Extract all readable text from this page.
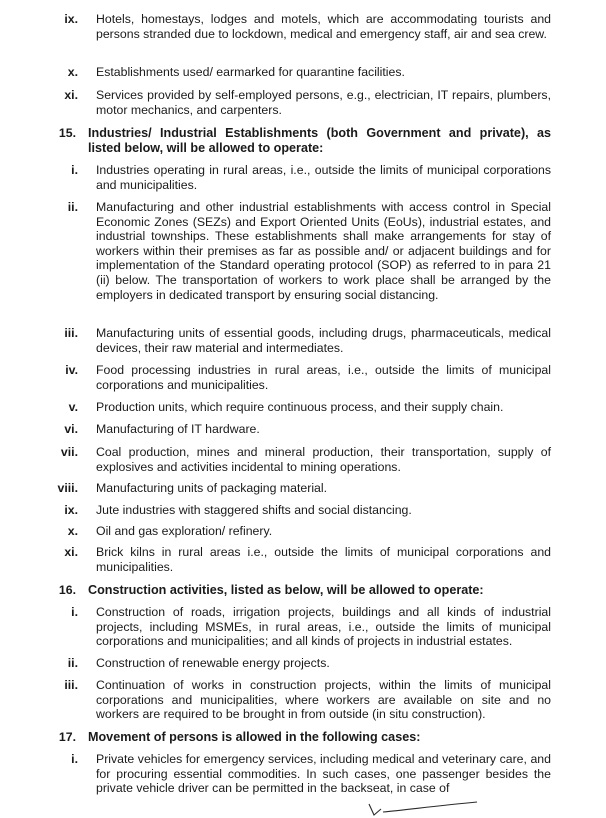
ix. Hotels, homestays, lodges and motels, which are accommodating tourists and persons stranded due to lockdown, medical and emergency staff, air and sea crew.
x. Establishments used/ earmarked for quarantine facilities.
xi. Services provided by self-employed persons, e.g., electrician, IT repairs, plumbers, motor mechanics, and carpenters.
15. Industries/ Industrial Establishments (both Government and private), as listed below, will be allowed to operate:
i. Industries operating in rural areas, i.e., outside the limits of municipal corporations and municipalities.
ii. Manufacturing and other industrial establishments with access control in Special Economic Zones (SEZs) and Export Oriented Units (EoUs), industrial estates, and industrial townships. These establishments shall make arrangements for stay of workers within their premises as far as possible and/ or adjacent buildings and for implementation of the Standard operating protocol (SOP) as referred to in para 21 (ii) below. The transportation of workers to work place shall be arranged by the employers in dedicated transport by ensuring social distancing.
iii. Manufacturing units of essential goods, including drugs, pharmaceuticals, medical devices, their raw material and intermediates.
iv. Food processing industries in rural areas, i.e., outside the limits of municipal corporations and municipalities.
v. Production units, which require continuous process, and their supply chain.
vi. Manufacturing of IT hardware.
vii. Coal production, mines and mineral production, their transportation, supply of explosives and activities incidental to mining operations.
viii. Manufacturing units of packaging material.
ix. Jute industries with staggered shifts and social distancing.
x. Oil and gas exploration/ refinery.
xi. Brick kilns in rural areas i.e., outside the limits of municipal corporations and municipalities.
16. Construction activities, listed as below, will be allowed to operate:
i. Construction of roads, irrigation projects, buildings and all kinds of industrial projects, including MSMEs, in rural areas, i.e., outside the limits of municipal corporations and municipalities; and all kinds of projects in industrial estates.
ii. Construction of renewable energy projects.
iii. Continuation of works in construction projects, within the limits of municipal corporations and municipalities, where workers are available on site and no workers are required to be brought in from outside (in situ construction).
17. Movement of persons is allowed in the following cases:
i. Private vehicles for emergency services, including medical and veterinary care, and for procuring essential commodities. In such cases, one passenger besides the private vehicle driver can be permitted in the backseat, in case of
